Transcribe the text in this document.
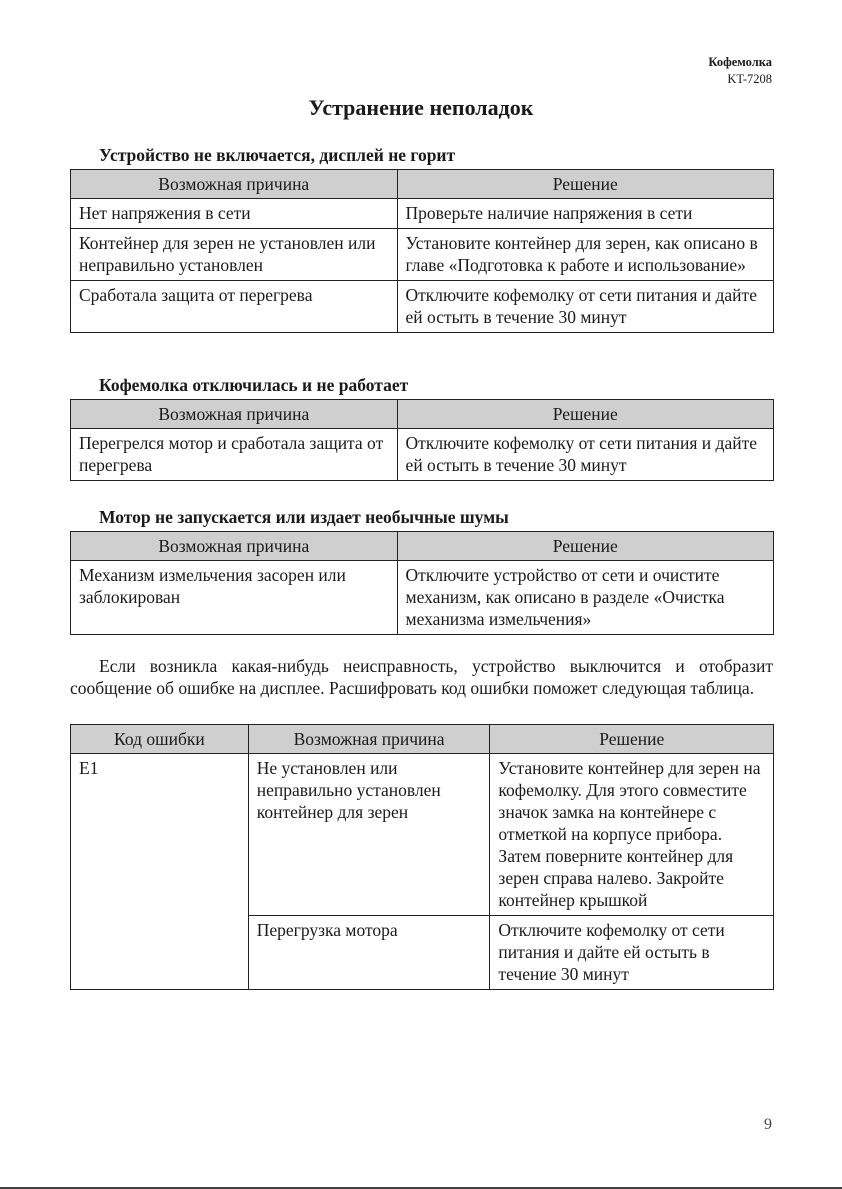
Кофемолка
KT-7208
Устранение неполадок
Устройство не включается, дисплей не горит
Возможная причина	Решение
Нет напряжения в сети	Проверьте наличие напряжения в сети
Контейнер для зерен не установлен или неправильно установлен	Установите контейнер для зерен, как описано в главе «Подготовка к работе и использование»
Сработала защита от перегрева	Отключите кофемолку от сети питания и дайте ей остыть в течение 30 минут
Кофемолка отключилась и не работает
Возможная причина	Решение
Перегрелся мотор и сработала защита от перегрева	Отключите кофемолку от сети питания и дайте ей остыть в течение 30 минут
Мотор не запускается или издает необычные шумы
Возможная причина	Решение
Механизм измельчения засорен или заблокирован	Отключите устройство от сети и очистите механизм, как описано в разделе «Очистка механизма измельчения»

Если возникла какая-нибудь неисправность, устройство выключится и отобразит сообщение об ошибке на дисплее. Расшифровать код ошибки поможет следующая таблица.

Код ошибки	Возможная причина	Решение
E1	Не установлен или неправильно установлен контейнер для зерен	Установите контейнер для зерен на кофемолку. Для этого совместите значок замка на контейнере с отметкой на корпусе прибора. Затем поверните контейнер для зерен справа налево. Закройте контейнер крышкой
	Перегрузка мотора	Отключите кофемолку от сети питания и дайте ей остыть в течение 30 минут
9
